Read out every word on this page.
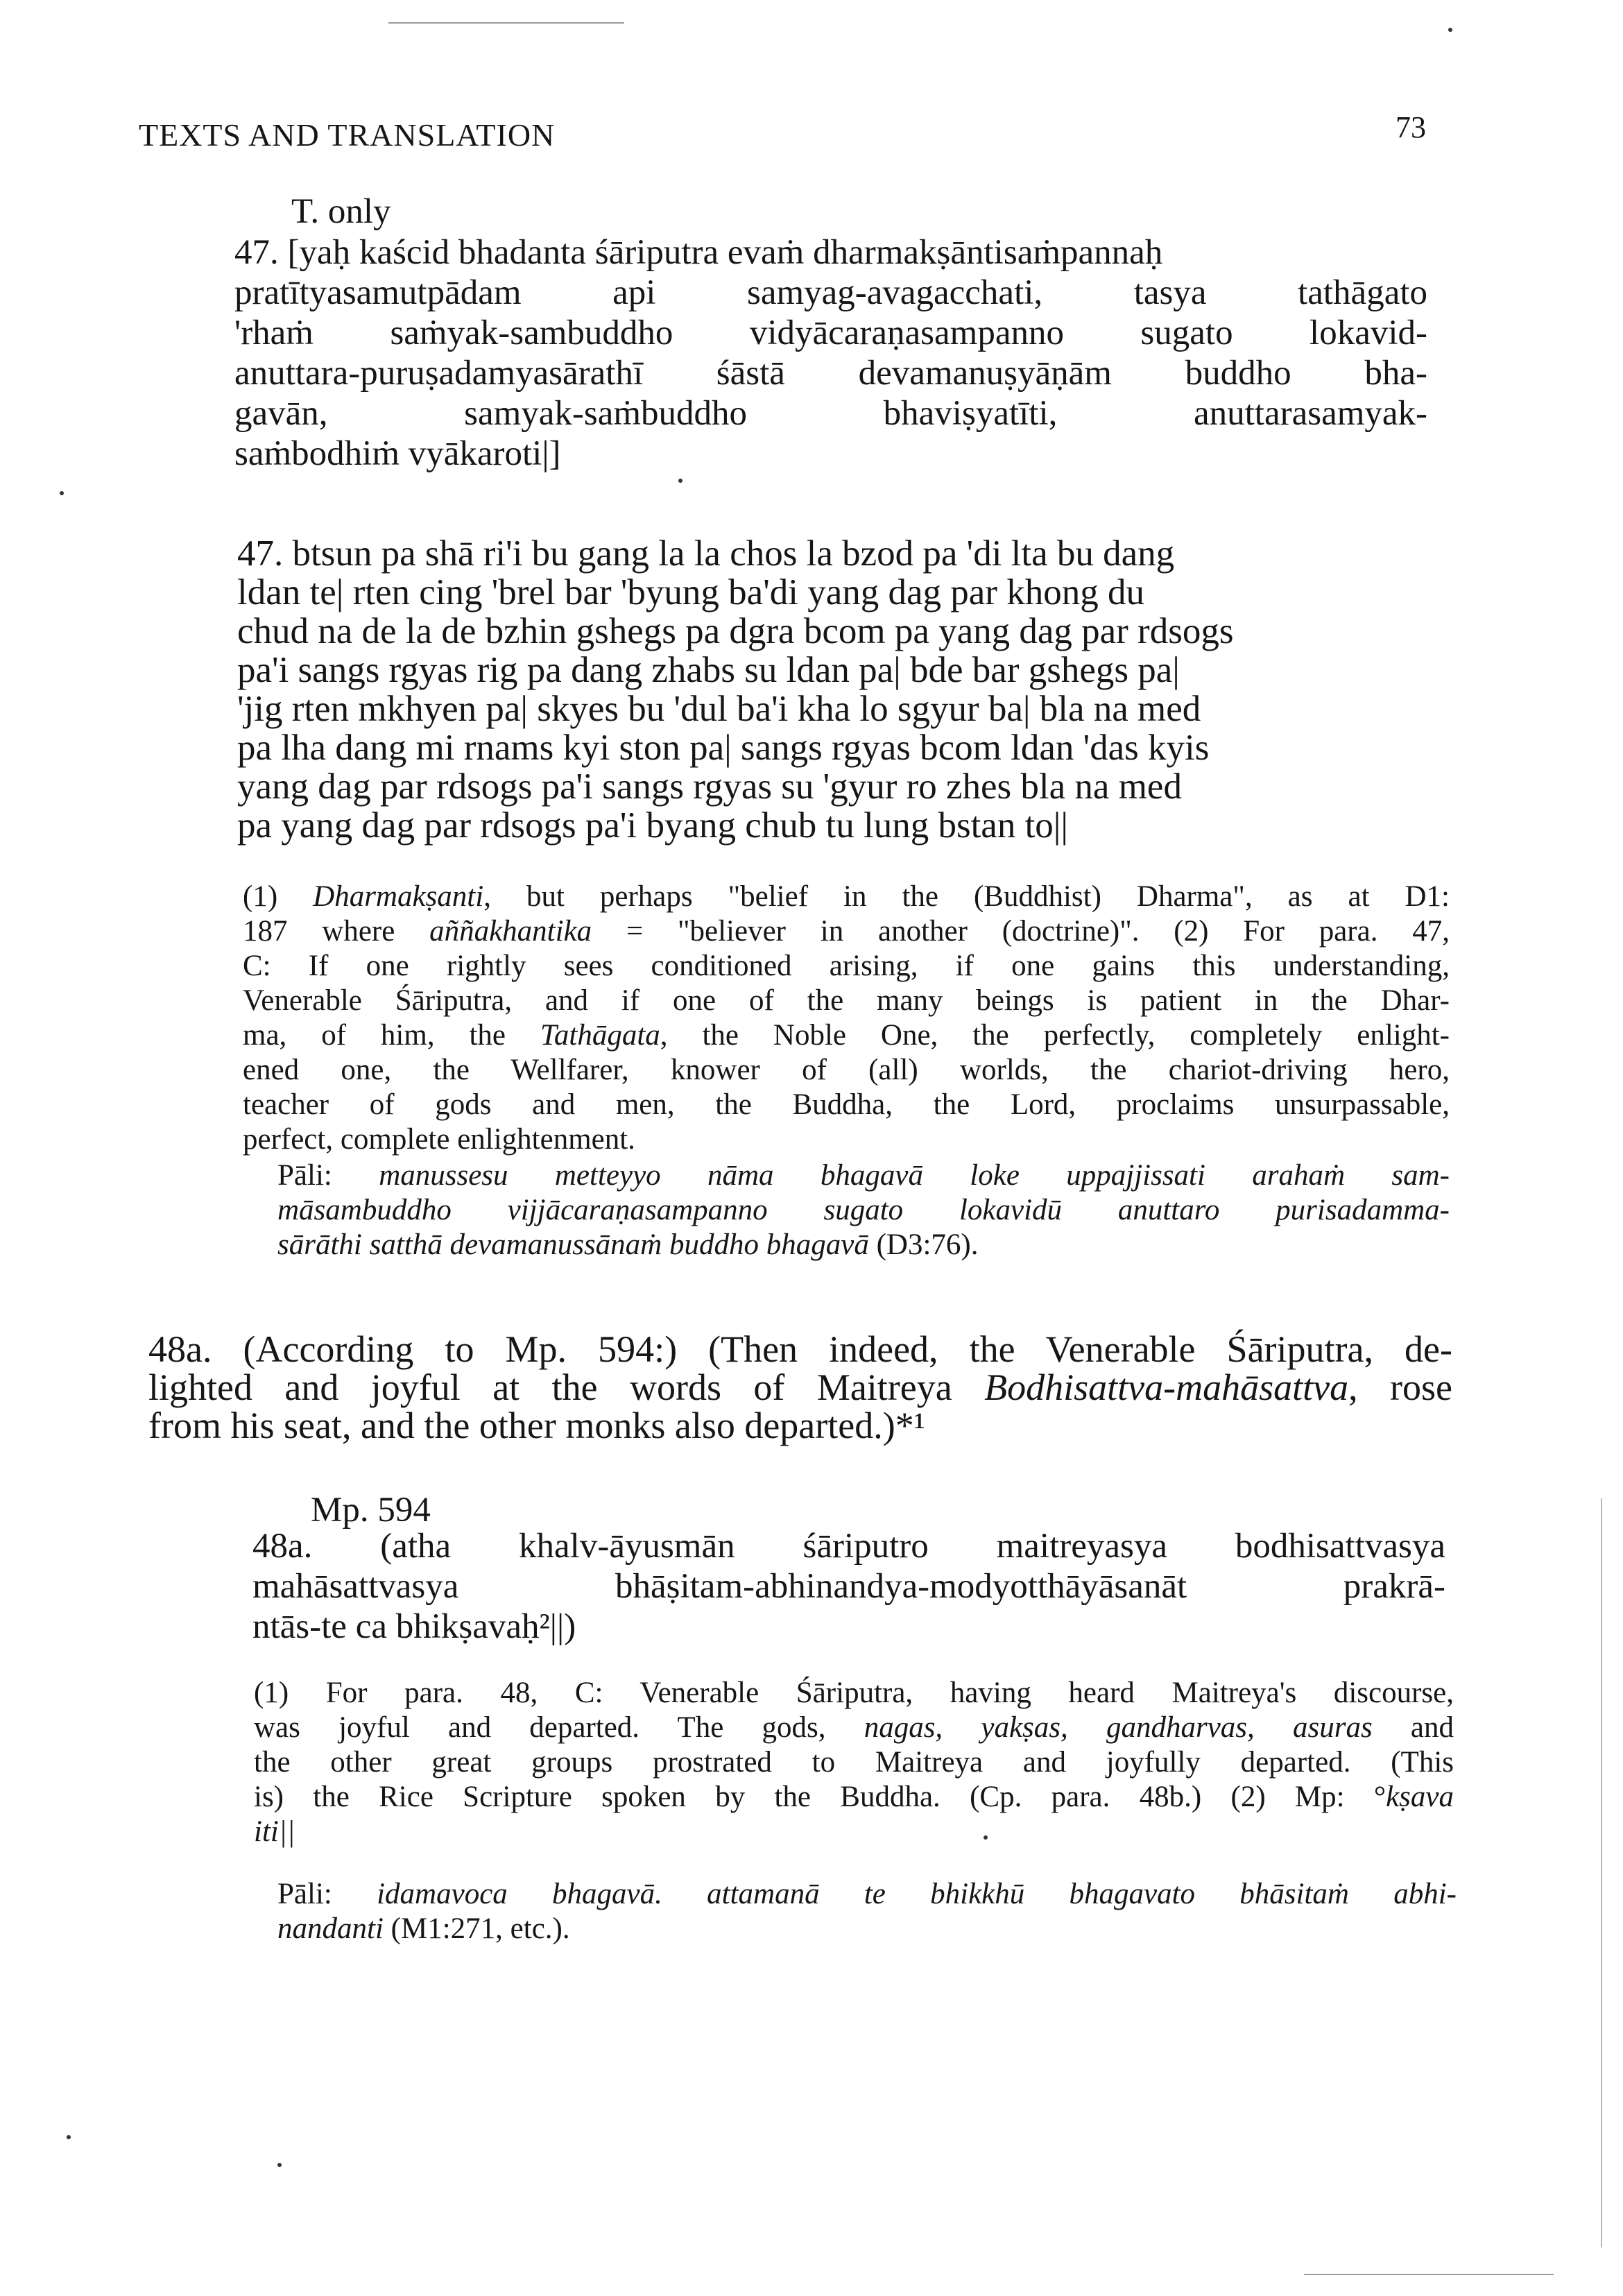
TEXTS AND TRANSLATION	73
T. only
47. [yaḥ kaścid bhadanta śāriputra evaṁ dharmakṣāntisaṁpannaḥ
pratītyasamutpādam api samyag-avagacchati, tasya tathāgato
'rhaṁ saṁyak-sambuddho vidyācaraṇasampanno sugato lokavid-
anuttara-puruṣadamyasārathī śāstā devamanuṣyāṇām buddho bha-
gavān, samyak-saṁbuddho bhaviṣyatīti, anuttarasamyak-
saṁbodhiṁ vyākaroti|]
47. btsun pa shā ri'i bu gang la la chos la bzod pa 'di lta bu dang
ldan te| rten cing 'brel bar 'byung ba'di yang dag par khong du
chud na de la de bzhin gshegs pa dgra bcom pa yang dag par rdsogs
pa'i sangs rgyas rig pa dang zhabs su ldan pa| bde bar gshegs pa|
'jig rten mkhyen pa| skyes bu 'dul ba'i kha lo sgyur ba| bla na med
pa lha dang mi rnams kyi ston pa| sangs rgyas bcom ldan 'das kyis
yang dag par rdsogs pa'i sangs rgyas su 'gyur ro zhes bla na med
pa yang dag par rdsogs pa'i byang chub tu lung bstan to||
(1) Dharmakṣanti, but perhaps "belief in the (Buddhist) Dharma", as at D1:
187 where aññakhantika = "believer in another (doctrine)". (2) For para. 47,
C: If one rightly sees conditioned arising, if one gains this understanding,
Venerable Śāriputra, and if one of the many beings is patient in the Dhar-
ma, of him, the Tathāgata, the Noble One, the perfectly, completely enlight-
ened one, the Wellfarer, knower of (all) worlds, the chariot-driving hero,
teacher of gods and men, the Buddha, the Lord, proclaims unsurpassable,
perfect, complete enlightenment.
Pāli: manussesu metteyyo nāma bhagavā loke uppajjissati arahaṁ sam-
māsambuddho vijjācaraṇasampanno sugato lokavidū anuttaro purisadamma-
sārāthi satthā devamanussānaṁ buddho bhagavā (D3:76).
48a. (According to Mp. 594:) (Then indeed, the Venerable Śāriputra, de-
lighted and joyful at the words of Maitreya Bodhisattva-mahāsattva, rose
from his seat, and the other monks also departed.)*¹
Mp. 594
48a. (atha khalv-āyusmān śāriputro maitreyasya bodhisattvasya
mahāsattvasya bhāṣitam-abhinandya-modyotthāyāsanāt prakrā-
ntās-te ca bhikṣavaḥ²||)
(1) For para. 48, C: Venerable Śāriputra, having heard Maitreya's discourse,
was joyful and departed. The gods, nagas, yakṣas, gandharvas, asuras and
the other great groups prostrated to Maitreya and joyfully departed. (This
is) the Rice Scripture spoken by the Buddha. (Cp. para. 48b.) (2) Mp: °kṣava
iti||
Pāli: idamavoca bhagavā. attamanā te bhikkhū bhagavato bhāsitaṁ abhi-
nandanti (M1:271, etc.).
